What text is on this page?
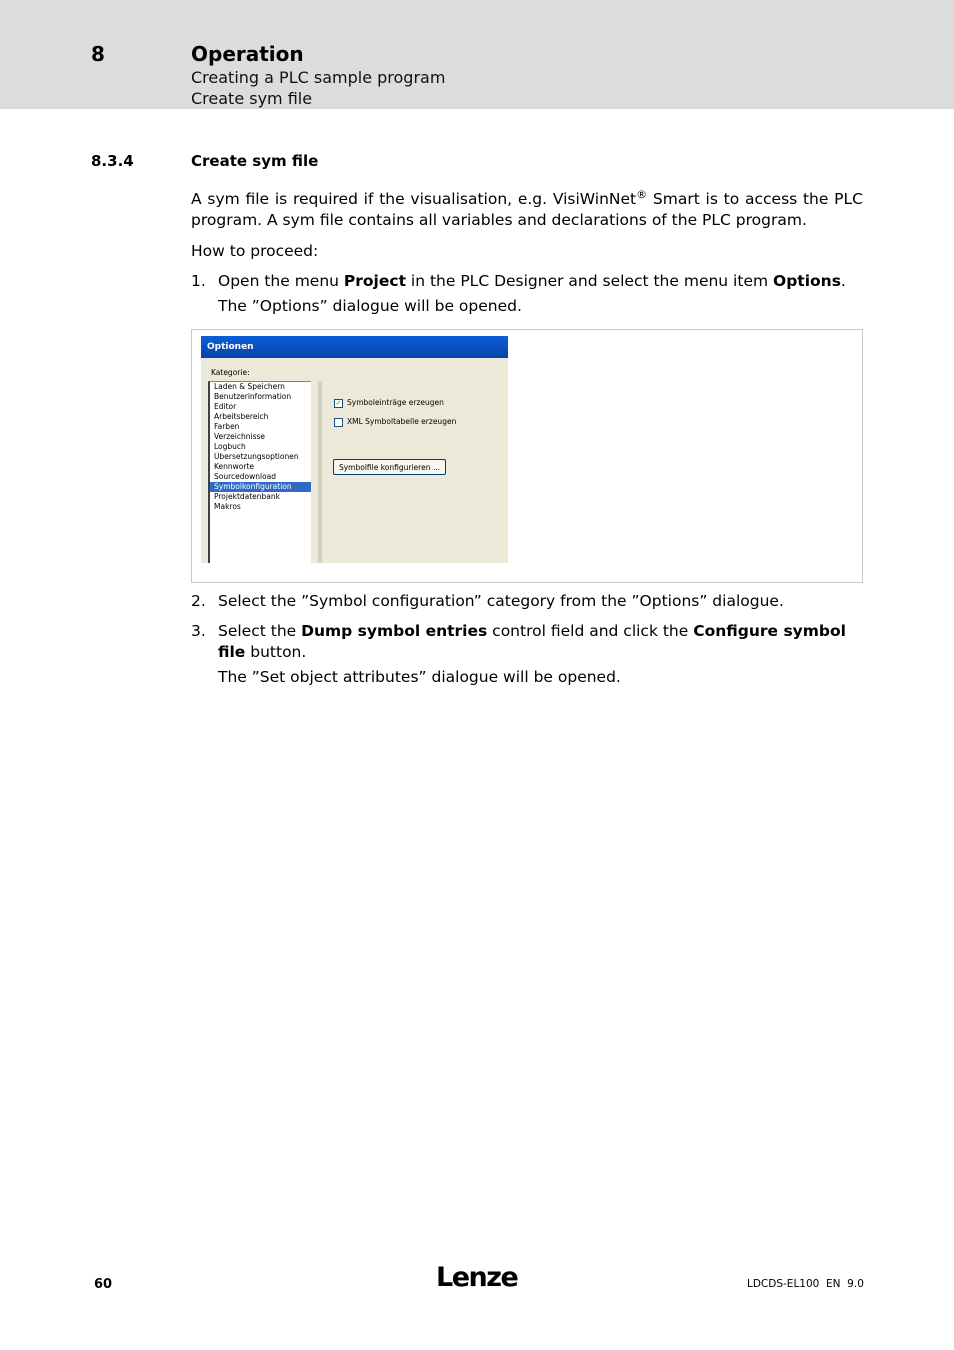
8	Operation
Creating a PLC sample program
Create sym file
8.3.4	Create sym file
A sym file is required if the visualisation, e.g. VisiWinNet® Smart is to access the PLC program. A sym file contains all variables and declarations of the PLC program.
How to proceed:
1. Open the menu Project in the PLC Designer and select the menu item Options.
The ”Options” dialogue will be opened.
Optionen
Kategorie:
Laden & Speichern
Benutzerinformation
Editor
Arbeitsbereich
Farben
Verzeichnisse
Logbuch
Übersetzungsoptionen
Kennworte
Sourcedownload
Symbolkonfiguration
Projektdatenbank
Makros
✓ Symboleinträge erzeugen
XML Symboltabelle erzeugen
Symbolfile konfigurieren ...
2. Select the ”Symbol configuration” category from the ”Options” dialogue.
3. Select the Dump symbol entries control field and click the Configure symbol file button.
The ”Set object attributes” dialogue will be opened.
60	Lenze	LDCDS-EL100  EN  9.0
